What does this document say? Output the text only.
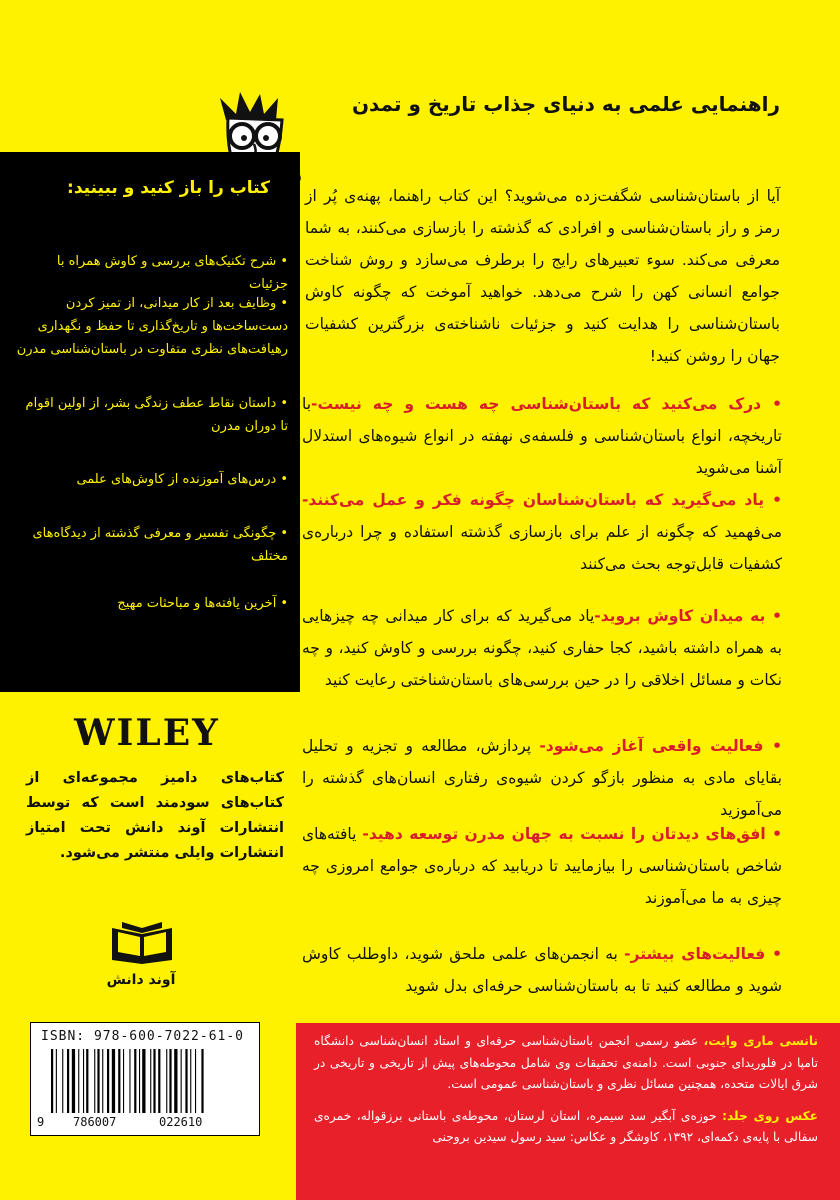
راهنمایی علمی به دنیای جذاب تاریخ و تمدن
آیا از باستان‌شناسی شگفت‌زده می‌شوید؟ این کتاب راهنما، پهنه‌ی پُر از رمز و راز باستان‌شناسی و افرادی که گذشته را بازسازی می‌کنند، به شما معرفی می‌کند. سوء تعبیرهای رایج را برطرف می‌سازد و روش شناخت جوامع انسانی کهن را شرح می‌دهد. خواهید آموخت که چگونه کاوش باستان‌شناسی را هدایت کنید و جزئیات ناشناخته‌ی بزرگترین کشفیات جهان را روشن کنید!
• درک می‌کنید که باستان‌شناسی چه هست و چه نیست-با تاریخچه، انواع باستان‌شناسی و فلسفه‌ی نهفته در انواع شیوه‌های استدلال آشنا می‌شوید
• یاد می‌گیرید که باستان‌شناسان چگونه فکر و عمل می‌کنند-می‌فهمید که چگونه از علم برای بازسازی گذشته استفاده و چرا درباره‌ی کشفیات قابل‌توجه بحث می‌کنند
• به میدان کاوش بروید-یاد می‌گیرید که برای کار میدانی چه چیزهایی به همراه داشته باشید، کجا حفاری کنید، چگونه بررسی و کاوش کنید، و چه نکات و مسائل اخلاقی را در حین بررسی‌های باستان‌شناختی رعایت کنید
• فعالیت واقعی آغاز می‌شود- پردازش، مطالعه و تجزیه و تحلیل بقایای مادی به منظور بازگو کردن شیوه‌ی رفتاری انسان‌های گذشته را می‌آموزید
• افق‌های دیدتان را نسبت به جهان مدرن توسعه دهید- یافته‌های شاخص باستان‌شناسی را بیازمایید تا دریابید که درباره‌ی جوامع امروزی چه چیزی به ما می‌آموزند
• فعالیت‌های بیشتر- به انجمن‌های علمی ملحق شوید، داوطلب کاوش شوید و مطالعه کنید تا به باستان‌شناسی حرفه‌ای بدل شوید
کتاب را باز کنید و ببینید:
•شرح تکنیک‌های بررسی و کاوش همراه با جزئیات
•وظایف بعد از کار میدانی، از تمیز کردن دست‌ساخت‌ها و تاریخ‌گذاری تا حفظ و نگهداری
رهیافت‌های نظری متفاوت در باستان‌شناسی مدرن
•داستان نقاط عطف زندگی بشر، از اولین اقوام تا دوران مدرن
•درس‌های آموزنده از کاوش‌های علمی
•چگونگی تفسیر و معرفی گذشته از دیدگاه‌های مختلف
•آخرین یافته‌ها و مباحثات مهیج
WILEY
کتاب‌های دامیز مجموعه‌ای از کتاب‌های سودمند است که توسط انتشارات آوند دانش تحت امتیاز انتشارات وایلی منتشر می‌شود.
آوند دانش
ISBN: 978-600-7022-61-0
9 786007	022610
نانسی ماری وایت، عضو رسمی انجمن باستان‌شناسی حرفه‌ای و استاد انسان‌شناسی دانشگاه تامپا در فلوریدای جنوبی است. دامنه‌ی تحقیقات وی شامل محوطه‌های پیش از تاریخی و تاریخی در شرق ایالات متحده، همچنین مسائل نظری و باستان‌شناسی عمومی است.
عکس روی جلد: حوزه‌ی آبگیر سد سیمره، استان لرستان، محوطه‌ی باستانی برزقواله، خمره‌ی سفالی با پایه‌ی دکمه‌ای، ۱۳۹۲، کاوشگر و عکاس: سید رسول سیدین بروجنی
